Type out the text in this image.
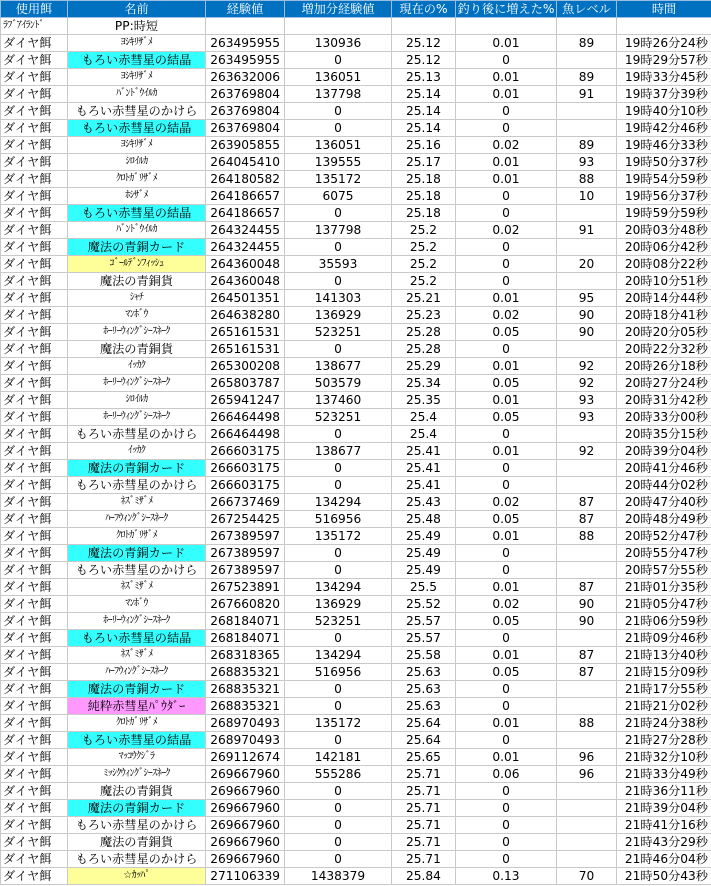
使用餌	名前	経験値	増加分経験値	現在の%	釣り後に増えた%	魚レベル	時間
ﾗﾌﾞｱｲﾗﾝﾄﾞ	PP:時短						
ダイヤ餌	ﾖｼｷﾘｻﾞﾒ	263495955	130936	25.12	0.01	89	19時26分24秒
ダイヤ餌	もろい赤彗星の結晶	263495955	0	25.12	0		19時29分57秒
ダイヤ餌	ﾖｼｷﾘｻﾞﾒ	263632006	136051	25.13	0.01	89	19時33分45秒
ダイヤ餌	ﾊﾞﾝﾄﾞｳｲﾙｶ	263769804	137798	25.14	0.01	91	19時37分39秒
ダイヤ餌	もろい赤彗星のかけら	263769804	0	25.14	0		19時40分10秒
ダイヤ餌	もろい赤彗星の結晶	263769804	0	25.14	0		19時42分46秒
ダイヤ餌	ﾖｼｷﾘｻﾞﾒ	263905855	136051	25.16	0.02	89	19時46分33秒
ダイヤ餌	ｼﾛｲﾙｶ	264045410	139555	25.17	0.01	93	19時50分37秒
ダイヤ餌	ｸﾛﾄｶﾞﾘｻﾞﾒ	264180582	135172	25.18	0.01	88	19時54分59秒
ダイヤ餌	ﾎｼｻﾞﾒ	264186657	6075	25.18	0	10	19時56分37秒
ダイヤ餌	もろい赤彗星の結晶	264186657	0	25.18	0		19時59分59秒
ダイヤ餌	ﾊﾞﾝﾄﾞｳｲﾙｶ	264324455	137798	25.2	0.02	91	20時03分48秒
ダイヤ餌	魔法の青銅カード	264324455	0	25.2	0		20時06分42秒
ダイヤ餌	ｺﾞｰﾙﾃﾞﾝﾌｨｯｼｭ	264360048	35593	25.2	0	20	20時08分22秒
ダイヤ餌	魔法の青銅貨	264360048	0	25.2	0		20時10分51秒
ダイヤ餌	ｼｬﾁ	264501351	141303	25.21	0.01	95	20時14分44秒
ダイヤ餌	ﾏﾝﾎﾞｳ	264638280	136929	25.23	0.02	90	20時18分41秒
ダイヤ餌	ﾎｰﾘｰｳｨﾝｸﾞｼｰｽﾈｰｸ	265161531	523251	25.28	0.05	90	20時20分05秒
ダイヤ餌	魔法の青銅貨	265161531	0	25.28	0		20時22分32秒
ダイヤ餌	ｲｯｶｸ	265300208	138677	25.29	0.01	92	20時26分18秒
ダイヤ餌	ﾎｰﾘｰｳｨﾝｸﾞｼｰｽﾈｰｸ	265803787	503579	25.34	0.05	92	20時27分24秒
ダイヤ餌	ｼﾛｲﾙｶ	265941247	137460	25.35	0.01	93	20時31分42秒
ダイヤ餌	ﾎｰﾘｰｳｨﾝｸﾞｼｰｽﾈｰｸ	266464498	523251	25.4	0.05	93	20時33分00秒
ダイヤ餌	もろい赤彗星のかけら	266464498	0	25.4	0		20時35分15秒
ダイヤ餌	ｲｯｶｸ	266603175	138677	25.41	0.01	92	20時39分04秒
ダイヤ餌	魔法の青銅カード	266603175	0	25.41	0		20時41分46秒
ダイヤ餌	もろい赤彗星のかけら	266603175	0	25.41	0		20時44分02秒
ダイヤ餌	ﾈｽﾞﾐｻﾞﾒ	266737469	134294	25.43	0.02	87	20時47分40秒
ダイヤ餌	ﾊｰﾌｳｨﾝｸﾞｼｰｽﾈｰｸ	267254425	516956	25.48	0.05	87	20時48分49秒
ダイヤ餌	ｸﾛﾄｶﾞﾘｻﾞﾒ	267389597	135172	25.49	0.01	88	20時52分47秒
ダイヤ餌	魔法の青銅カード	267389597	0	25.49	0		20時55分47秒
ダイヤ餌	もろい赤彗星のかけら	267389597	0	25.49	0		20時57分55秒
ダイヤ餌	ﾈｽﾞﾐｻﾞﾒ	267523891	134294	25.5	0.01	87	21時01分35秒
ダイヤ餌	ﾏﾝﾎﾞｳ	267660820	136929	25.52	0.02	90	21時05分47秒
ダイヤ餌	ﾎｰﾘｰｳｨﾝｸﾞｼｰｽﾈｰｸ	268184071	523251	25.57	0.05	90	21時06分59秒
ダイヤ餌	もろい赤彗星の結晶	268184071	0	25.57	0		21時09分46秒
ダイヤ餌	ﾈｽﾞﾐｻﾞﾒ	268318365	134294	25.58	0.01	87	21時13分40秒
ダイヤ餌	ﾊｰﾌｳｨﾝｸﾞｼｰｽﾈｰｸ	268835321	516956	25.63	0.05	87	21時15分09秒
ダイヤ餌	魔法の青銅カード	268835321	0	25.63	0		21時17分55秒
ダイヤ餌	純粋赤彗星ﾊﾟｳﾀﾞｰ	268835321	0	25.63	0		21時21分02秒
ダイヤ餌	ｸﾛﾄｶﾞﾘｻﾞﾒ	268970493	135172	25.64	0.01	88	21時24分38秒
ダイヤ餌	もろい赤彗星の結晶	268970493	0	25.64	0		21時27分28秒
ダイヤ餌	ﾏｯｺｳｸｼﾞﾗ	269112674	142181	25.65	0.01	96	21時32分10秒
ダイヤ餌	ﾐｯｼｸｳｨﾝｸﾞｼｰｽﾈｰｸ	269667960	555286	25.71	0.06	96	21時33分49秒
ダイヤ餌	魔法の青銅貨	269667960	0	25.71	0		21時36分11秒
ダイヤ餌	魔法の青銅カード	269667960	0	25.71	0		21時39分04秒
ダイヤ餌	もろい赤彗星のかけら	269667960	0	25.71	0		21時41分16秒
ダイヤ餌	魔法の青銅貨	269667960	0	25.71	0		21時43分29秒
ダイヤ餌	もろい赤彗星のかけら	269667960	0	25.71	0		21時46分04秒
ダイヤ餌	☆ｶｯﾊﾟ	271106339	1438379	25.84	0.13	70	21時50分43秒
